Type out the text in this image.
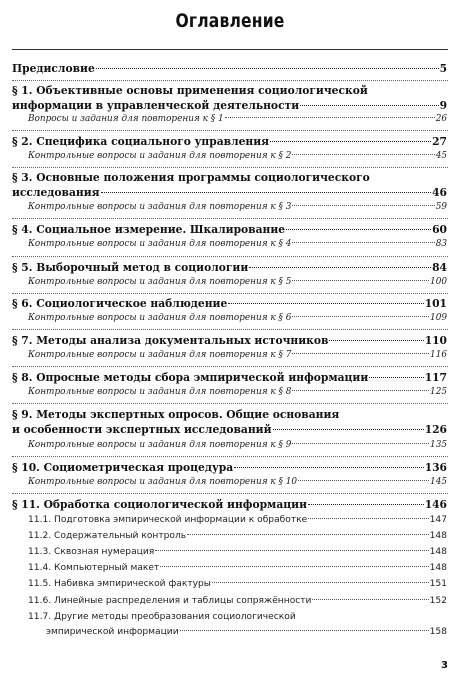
Оглавление
Предисловие	5
§ 1. Объективные основы применения социологической
информации в управленческой деятельности	9
Вопросы и задания для повторения к § 1	26
§ 2. Специфика социального управления	27
Контрольные вопросы и задания для повторения к § 2	45
§ 3. Основные положения программы социологического
исследования	46
Контрольные вопросы и задания для повторения к § 3	59
§ 4. Социальное измерение. Шкалирование	60
Контрольные вопросы и задания для повторения к § 4	83
§ 5. Выборочный метод в социологии	84
Контрольные вопросы и задания для повторения к § 5	100
§ 6. Социологическое наблюдение	101
Контрольные вопросы и задания для повторения к § 6	109
§ 7. Методы анализа документальных источников	110
Контрольные вопросы и задания для повторения к § 7	116
§ 8. Опросные методы сбора эмпирической информации	117
Контрольные вопросы и задания для повторения к § 8	125
§ 9. Методы экспертных опросов. Общие основания
и особенности экспертных исследований	126
Контрольные вопросы и задания для повторения к § 9	135
§ 10. Социометрическая процедура	136
Контрольные вопросы и задания для повторения к § 10	145
§ 11. Обработка социологической информации	146
11.1. Подготовка эмпирической информации к обработке	147
11.2. Содержательный контроль	148
11.3. Сквозная нумерация	148
11.4. Компьютерный макет	148
11.5. Набивка эмпирической фактуры	151
11.6. Линейные распределения и таблицы сопряжённости	152
11.7. Другие методы преобразования социологической
эмпирической информации	158
3
